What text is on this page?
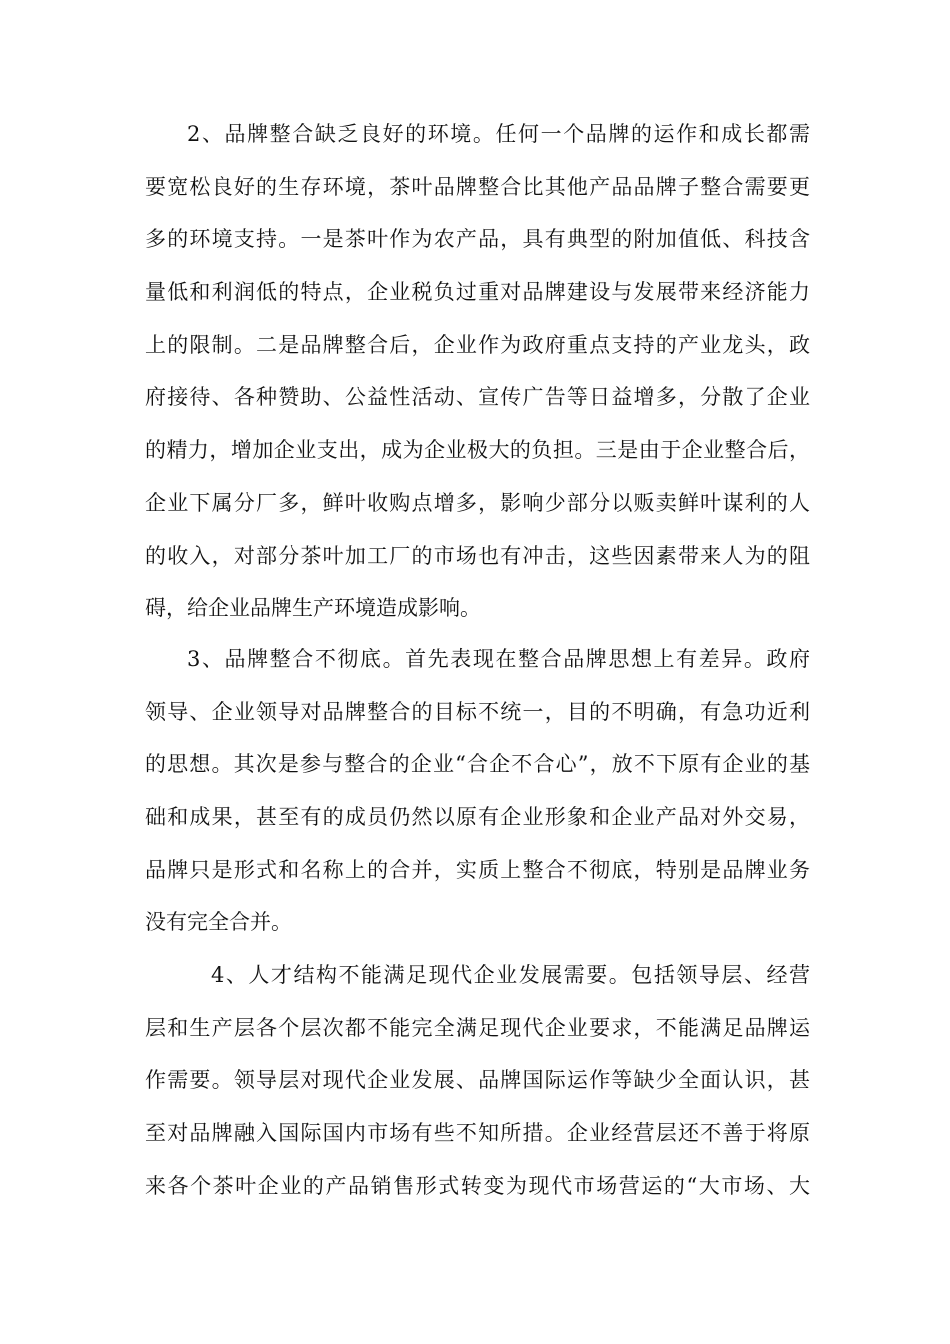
2、品牌整合缺乏良好的环境。任何一个品牌的运作和成长都需
要宽松良好的生存环境，茶叶品牌整合比其他产品品牌子整合需要更
多的环境支持。一是茶叶作为农产品，具有典型的附加值低、科技含
量低和利润低的特点，企业税负过重对品牌建设与发展带来经济能力
上的限制。二是品牌整合后，企业作为政府重点支持的产业龙头，政
府接待、各种赞助、公益性活动、宣传广告等日益增多，分散了企业
的精力，增加企业支出，成为企业极大的负担。三是由于企业整合后，
企业下属分厂多，鲜叶收购点增多，影响少部分以贩卖鲜叶谋利的人
的收入，对部分茶叶加工厂的市场也有冲击，这些因素带来人为的阻
碍，给企业品牌生产环境造成影响。
3、品牌整合不彻底。首先表现在整合品牌思想上有差异。政府
领导、企业领导对品牌整合的目标不统一，目的不明确，有急功近利
的思想。其次是参与整合的企业“合企不合心”，放不下原有企业的基
础和成果，甚至有的成员仍然以原有企业形象和企业产品对外交易，
品牌只是形式和名称上的合并，实质上整合不彻底，特别是品牌业务
没有完全合并。
4、人才结构不能满足现代企业发展需要。包括领导层、经营
层和生产层各个层次都不能完全满足现代企业要求，不能满足品牌运
作需要。领导层对现代企业发展、品牌国际运作等缺少全面认识，甚
至对品牌融入国际国内市场有些不知所措。企业经营层还不善于将原
来各个茶叶企业的产品销售形式转变为现代市场营运的“大市场、大
